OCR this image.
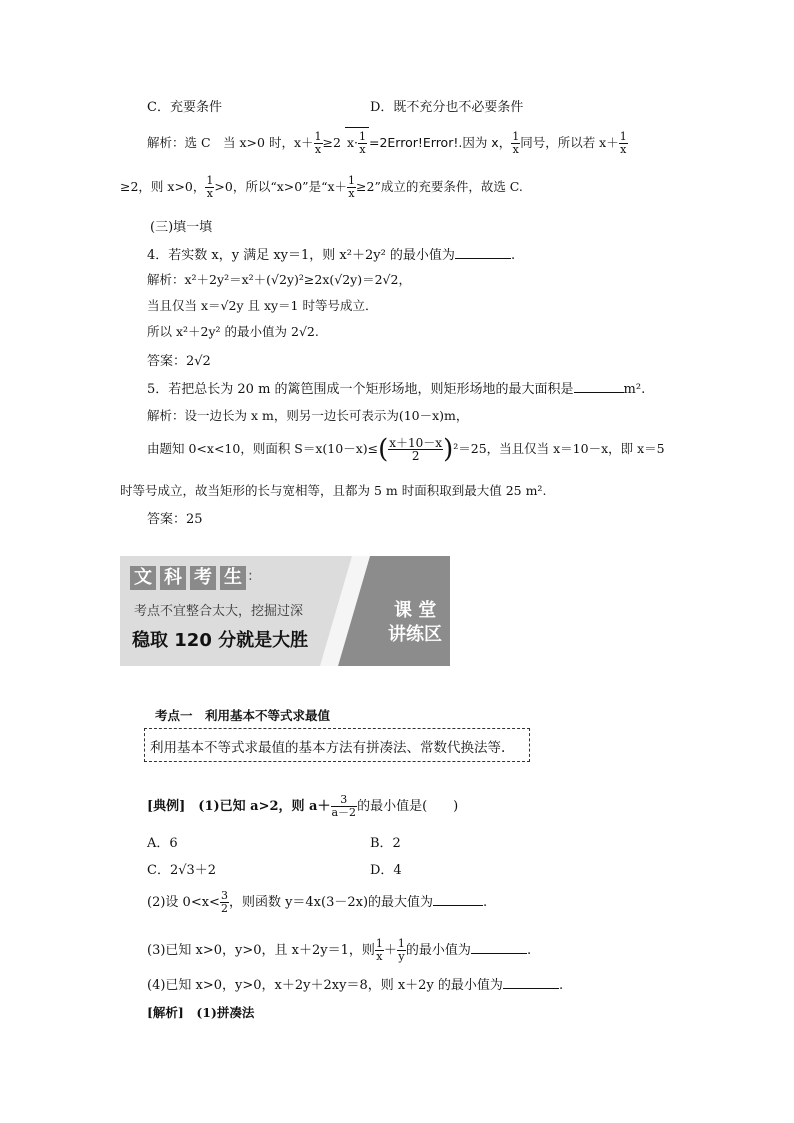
C．充要条件	D．既不充分也不必要条件
解析：选 C　当 x>0 时，$x+ \frac{1}{x} \ge 2$ $x\cdot \frac{1}{x}$ =2Error!Error!.因为 x， $\frac{1}{x}$ 同号，所以若 $x+ \frac{1}{x}$
≥2，则 x>0， $\frac{1}{x} >0$，所以“x>0”是“$x+ \frac{1}{x} \ge 2$”成立的充要条件，故选 C.
(三)填一填
4．若实数 x，y 满足 xy＝1，则 x²＋2y² 的最小值为	.
解析：x²＋2y²＝x²＋(√2y)²≥2x(√2y)＝2√2，
当且仅当 x＝√2y 且 xy＝1 时等号成立．
所以 x²＋2y² 的最小值为 2√2.
答案：2√2
5．若把总长为 20 m 的篱笆围成一个矩形场地，则矩形场地的最大面积是	m².
解析：设一边长为 x m，则另一边长可表示为(10－x)m，
由题知 0<x<10，则面积 $S=x(10-x)\le( \frac{x+10-x}{2} )^2=25$，当且仅当 x＝10－x，即 x＝5
时等号成立，故当矩形的长与宽相等，且都为 5 m 时面积取到最大值 25 m².
答案：25
文 科 考 生 :
考点不宜整合太大，挖掘过深
稳取 120 分就是大胜
课 堂
讲练区
考点一　利用基本不等式求最值
利用基本不等式求最值的基本方法有拼凑法、常数代换法等.
[典例]　(1)已知 a>2，则 $a+ \frac{3}{a-2}$ 的最小值是(　　)
A．6	B．2
C．2√3＋2	D．4
(2)设 $0<x< \frac{3}{2}$ ，则函数 y＝4x(3－2x)的最大值为	.
(3)已知 x>0，y>0，且 x＋2y＝1，则 $\frac{1}{x} + \frac{1}{y}$ 的最小值为	.
(4)已知 x>0，y>0，x＋2y＋2xy＝8，则 x＋2y 的最小值为	.
[解析]　(1)拼凑法
